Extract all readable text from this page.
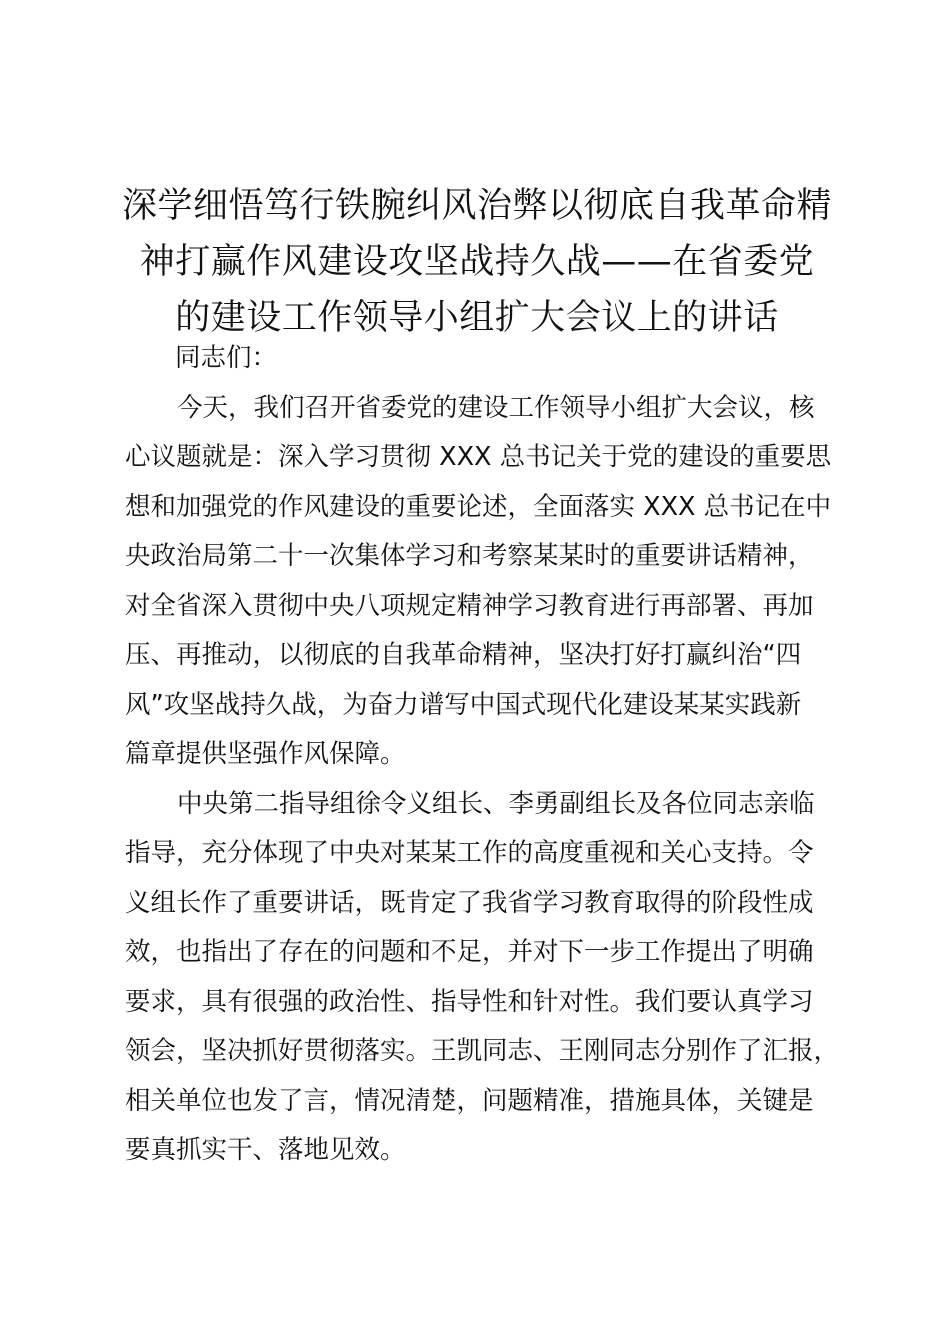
深学细悟笃行铁腕纠风治弊以彻底自我革命精
神打赢作风建设攻坚战持久战——在省委党
的建设工作领导小组扩大会议上的讲话

同志们：

今天，我们召开省委党的建设工作领导小组扩大会议，核
心议题就是：深入学习贯彻 XXX 总书记关于党的建设的重要思
想和加强党的作风建设的重要论述，全面落实 XXX 总书记在中
央政治局第二十一次集体学习和考察某某时的重要讲话精神，
对全省深入贯彻中央八项规定精神学习教育进行再部署、再加
压、再推动，以彻底的自我革命精神，坚决打好打赢纠治“四
风”攻坚战持久战，为奋力谱写中国式现代化建设某某实践新
篇章提供坚强作风保障。

中央第二指导组徐令义组长、李勇副组长及各位同志亲临
指导，充分体现了中央对某某工作的高度重视和关心支持。令
义组长作了重要讲话，既肯定了我省学习教育取得的阶段性成
效，也指出了存在的问题和不足，并对下一步工作提出了明确
要求，具有很强的政治性、指导性和针对性。我们要认真学习
领会，坚决抓好贯彻落实。王凯同志、王刚同志分别作了汇报，
相关单位也发了言，情况清楚，问题精准，措施具体，关键是
要真抓实干、落地见效。
